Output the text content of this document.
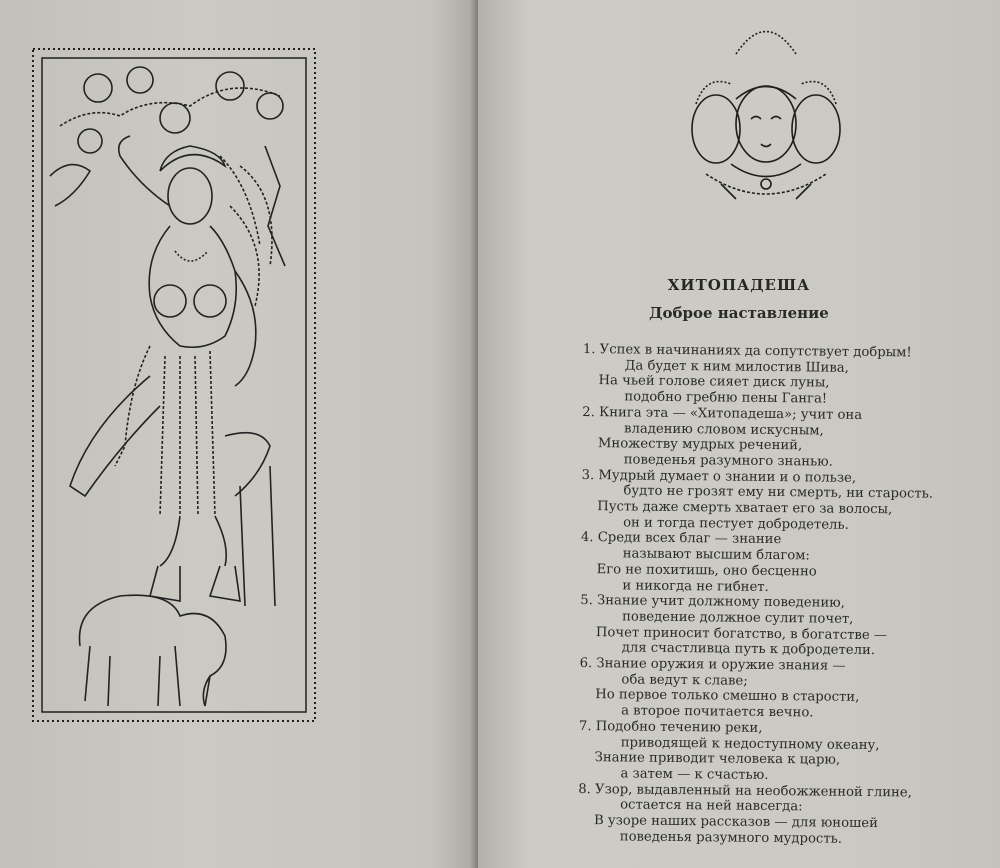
ХИТОПАДЕША
Доброе наставление
1. Успех в начинаниях да сопутствует добрым!
Да будет к ним милостив Шива,
На чьей голове сияет диск луны,
подобно гребню пены Ганга!
2. Книга эта — «Хитопадеша»; учит она
владению словом искусным,
Множеству мудрых речений,
поведенья разумного знанью.
3. Мудрый думает о знании и о пользе,
будто не грозят ему ни смерть, ни старость.
Пусть даже смерть хватает его за волосы,
он и тогда пестует добродетель.
4. Среди всех благ — знание
называют высшим благом:
Его не похитишь, оно бесценно
и никогда не гибнет.
5. Знание учит должному поведению,
поведение должное сулит почет,
Почет приносит богатство, в богатстве —
для счастливца путь к добродетели.
6. Знание оружия и оружие знания —
оба ведут к славе;
Но первое только смешно в старости,
а второе почитается вечно.
7. Подобно течению реки,
приводящей к недоступному океану,
Знание приводит человека к царю,
а затем — к счастью.
8. Узор, выдавленный на необожженной глине,
остается на ней навсегда:
В узоре наших рассказов — для юношей
поведенья разумного мудрость.
